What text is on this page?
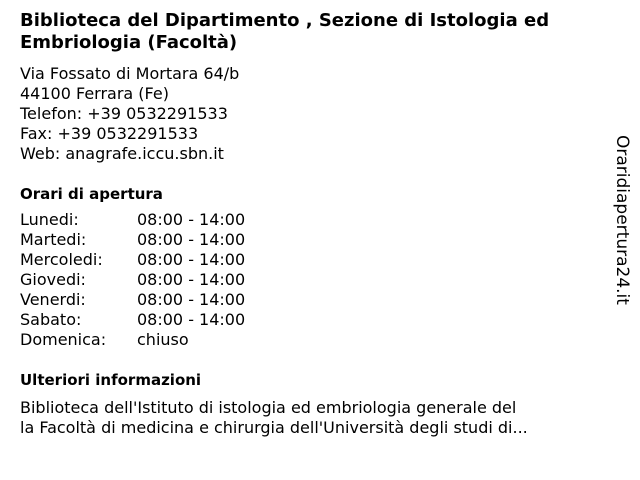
Biblioteca del Dipartimento , Sezione di Istologia ed Embriologia (Facoltà)
Via Fossato di Mortara 64/b
44100 Ferrara (Fe)
Telefon: +39 0532291533
Fax: +39 0532291533
Web: anagrafe.iccu.sbn.it
Orari di apertura
Lunedi:	08:00 - 14:00
Martedi:	08:00 - 14:00
Mercoledi:	08:00 - 14:00
Giovedi:	08:00 - 14:00
Venerdi:	08:00 - 14:00
Sabato:	08:00 - 14:00
Domenica:	chiuso
Ulteriori informazioni
Biblioteca dell'Istituto di istologia ed embriologia generale del
la Facoltà di medicina e chirurgia dell'Università degli studi di...
Oraridiapertura24.it
